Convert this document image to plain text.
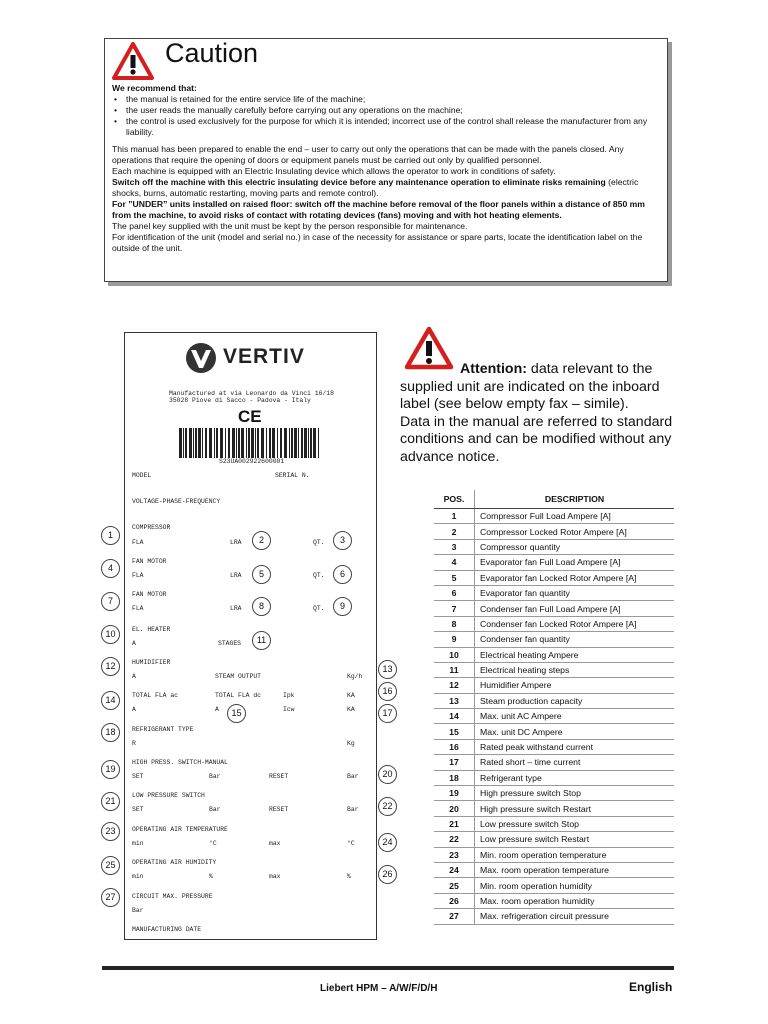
Caution

We recommend that:

• the manual is retained for the entire service life of the machine;
• the user reads the manually carefully before carrying out any operations on the machine;
• the control is used exclusively for the purpose for which it is intended; incorrect use of the control shall release the manufacturer from any liability.

This manual has been prepared to enable the end – user to carry out only the operations that can be made with the panels closed. Any operations that require the opening of doors or equipment panels must be carried out only by qualified personnel.

Each machine is equipped with an Electric Insulating device which allows the operator to work in conditions of safety.
Switch off the machine with this electric insulating device before any maintenance operation to eliminate risks remaining (electric shocks, burns, automatic restarting, moving parts and remote control).

For ”UNDER” units installed on raised floor: switch off the machine before removal of the floor panels within a distance of 850 mm from the machine, to avoid risks of contact with rotating devices (fans) moving and with hot heating elements.

The panel key supplied with the unit must be kept by the person responsible for maintenance.

For identification of the unit (model and serial no.) in case of the necessity for assistance or spare parts, locate the identification label on the outside of the unit.

VERTIV
Manufactured at via Leonardo da Vinci 16/18
35028 Piove di Sacco - Padova - Italy
CE
S23UA002922600001
MODEL	SERIAL N.
VOLTAGE-PHASE-FREQUENCY
COMPRESSOR
FLA	LRA	QT.
FAN MOTOR
FLA	LRA	QT.
FAN MOTOR
FLA	LRA	QT.
EL. HEATER
A	STAGES
HUMIDIFIER
A	STEAM OUTPUT	Kg/h
TOTAL FLA ac	TOTAL FLA dc	Ipk	KA
A	A	Icw	KA
REFRIGERANT TYPE
R	Kg
HIGH PRESS. SWITCH-MANUAL
SET	Bar	RESET	Bar
LOW PRESSURE SWITCH
SET	Bar	RESET	Bar
OPERATING AIR TEMPERATURE
min	°C	max	°C
OPERATING AIR HUMIDITY
min	%	max	%
CIRCUIT MAX. PRESSURE
Bar
MANUFACTURING DATE
1	2	3
4
5	6
7	8	9
10
11
12	13
14
15
16
17
18
19	20
21	22
23
24
25
26
27
Attention: data relevant to the supplied unit are indicated on the inboard label (see below empty fax – simile).
Data in the manual are referred to standard conditions and can be modified without any advance notice.
POS.	DESCRIPTION
1	Compressor Full Load Ampere [A]
2	Compressor Locked Rotor Ampere [A]
3	Compressor quantity
4	Evaporator fan Full Load Ampere [A]
5	Evaporator fan Locked Rotor Ampere [A]
6	Evaporator fan quantity
7	Condenser fan Full Load Ampere [A]
8	Condenser fan Locked Rotor Ampere [A]
9	Condenser fan quantity
10	Electrical heating Ampere
11	Electrical heating steps
12	Humidifier Ampere
13	Steam production capacity
14	Max. unit AC Ampere
15	Max. unit DC Ampere
16	Rated peak withstand current
17	Rated short – time current
18	Refrigerant type
19	High pressure switch Stop
20	High pressure switch Restart
21	Low pressure switch Stop
22	Low pressure switch Restart
23	Min. room operation temperature
24	Max. room operation temperature
25	Min. room operation humidity
26	Max. room operation humidity
27	Max. refrigeration circuit pressure
Liebert HPM – A/W/F/D/H	English
